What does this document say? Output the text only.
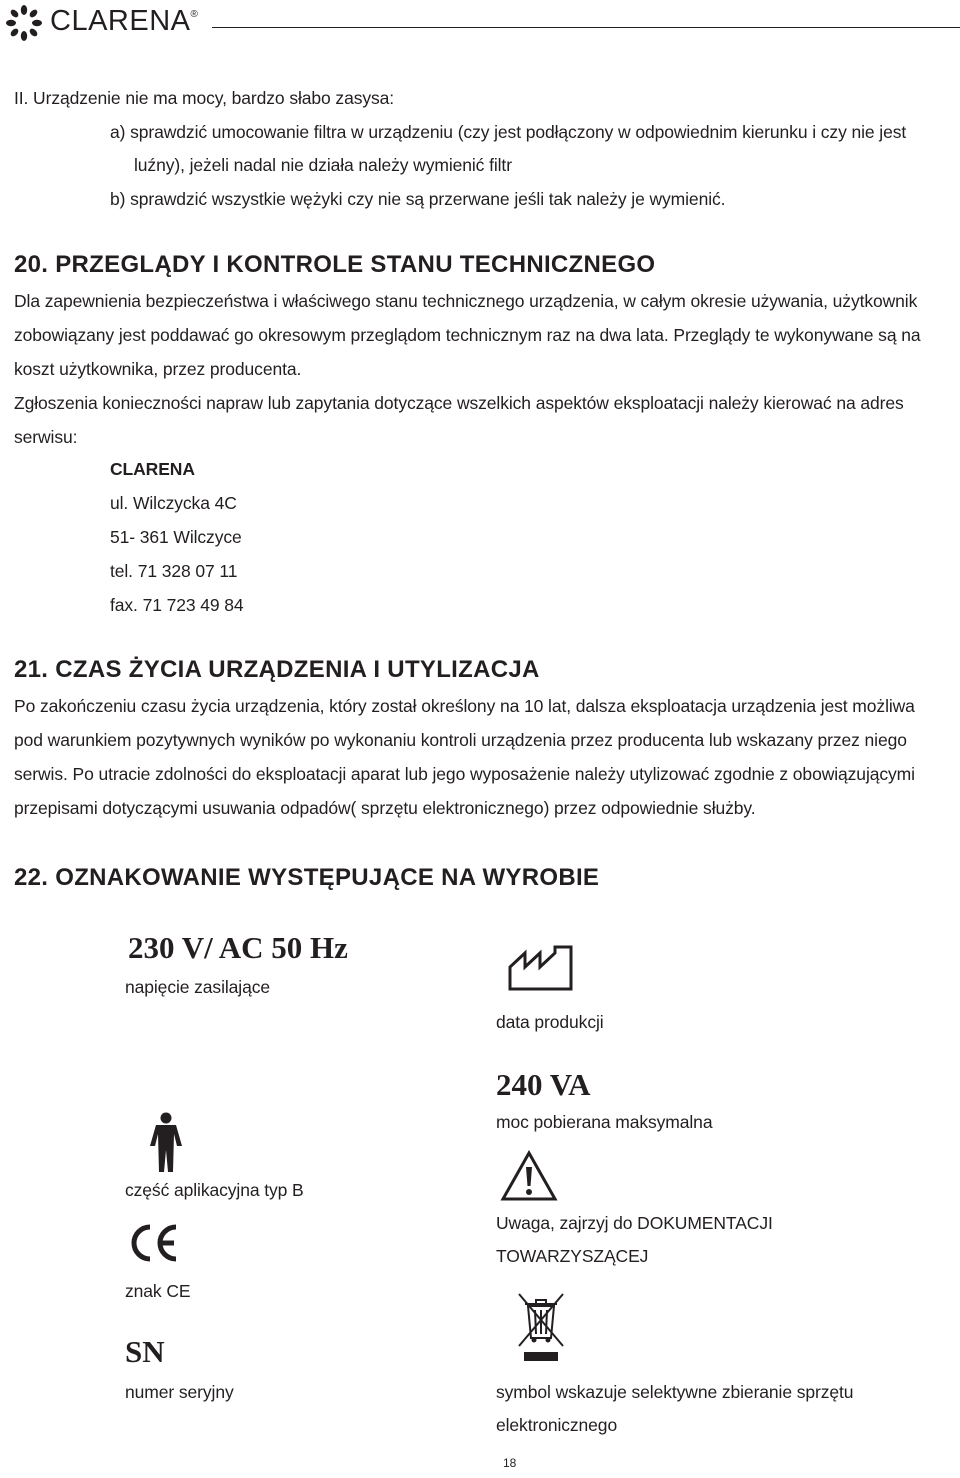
CLARENA®
II. Urządzenie nie ma mocy, bardzo słabo zasysa:
a) sprawdzić umocowanie filtra w urządzeniu (czy jest podłączony w odpowiednim kierunku i czy nie jest
luźny), jeżeli nadal nie działa należy wymienić filtr
b) sprawdzić wszystkie wężyki czy nie są przerwane jeśli tak należy je wymienić.
20. PRZEGLĄDY I KONTROLE STANU TECHNICZNEGO
Dla zapewnienia bezpieczeństwa i właściwego stanu technicznego urządzenia, w całym okresie używania, użytkownik
zobowiązany jest poddawać go okresowym przeglądom technicznym raz na dwa lata. Przeglądy te wykonywane są na
koszt użytkownika, przez producenta.
Zgłoszenia konieczności napraw lub zapytania dotyczące wszelkich aspektów eksploatacji należy kierować na adres
serwisu:
CLARENA
ul. Wilczycka 4C
51- 361 Wilczyce
tel. 71 328 07 11
fax. 71 723 49 84
21. CZAS ŻYCIA URZĄDZENIA I UTYLIZACJA
Po zakończeniu czasu życia urządzenia, który został określony na 10 lat, dalsza eksploatacja urządzenia jest możliwa
pod warunkiem pozytywnych wyników po wykonaniu kontroli urządzenia przez producenta lub wskazany przez niego
serwis. Po utracie zdolności do eksploatacji aparat lub jego wyposażenie należy utylizować zgodnie z obowiązującymi
przepisami dotyczącymi usuwania odpadów( sprzętu elektronicznego) przez odpowiednie służby.
22. OZNAKOWANIE WYSTĘPUJĄCE NA WYROBIE
230 V/ AC 50 Hz
napięcie zasilające
część aplikacyjna typ B
znak CE
SN
numer seryjny
data produkcji
240 VA
moc pobierana maksymalna
Uwaga, zajrzyj do DOKUMENTACJI
TOWARZYSZĄCEJ
symbol wskazuje selektywne zbieranie sprzętu
elektronicznego
18
